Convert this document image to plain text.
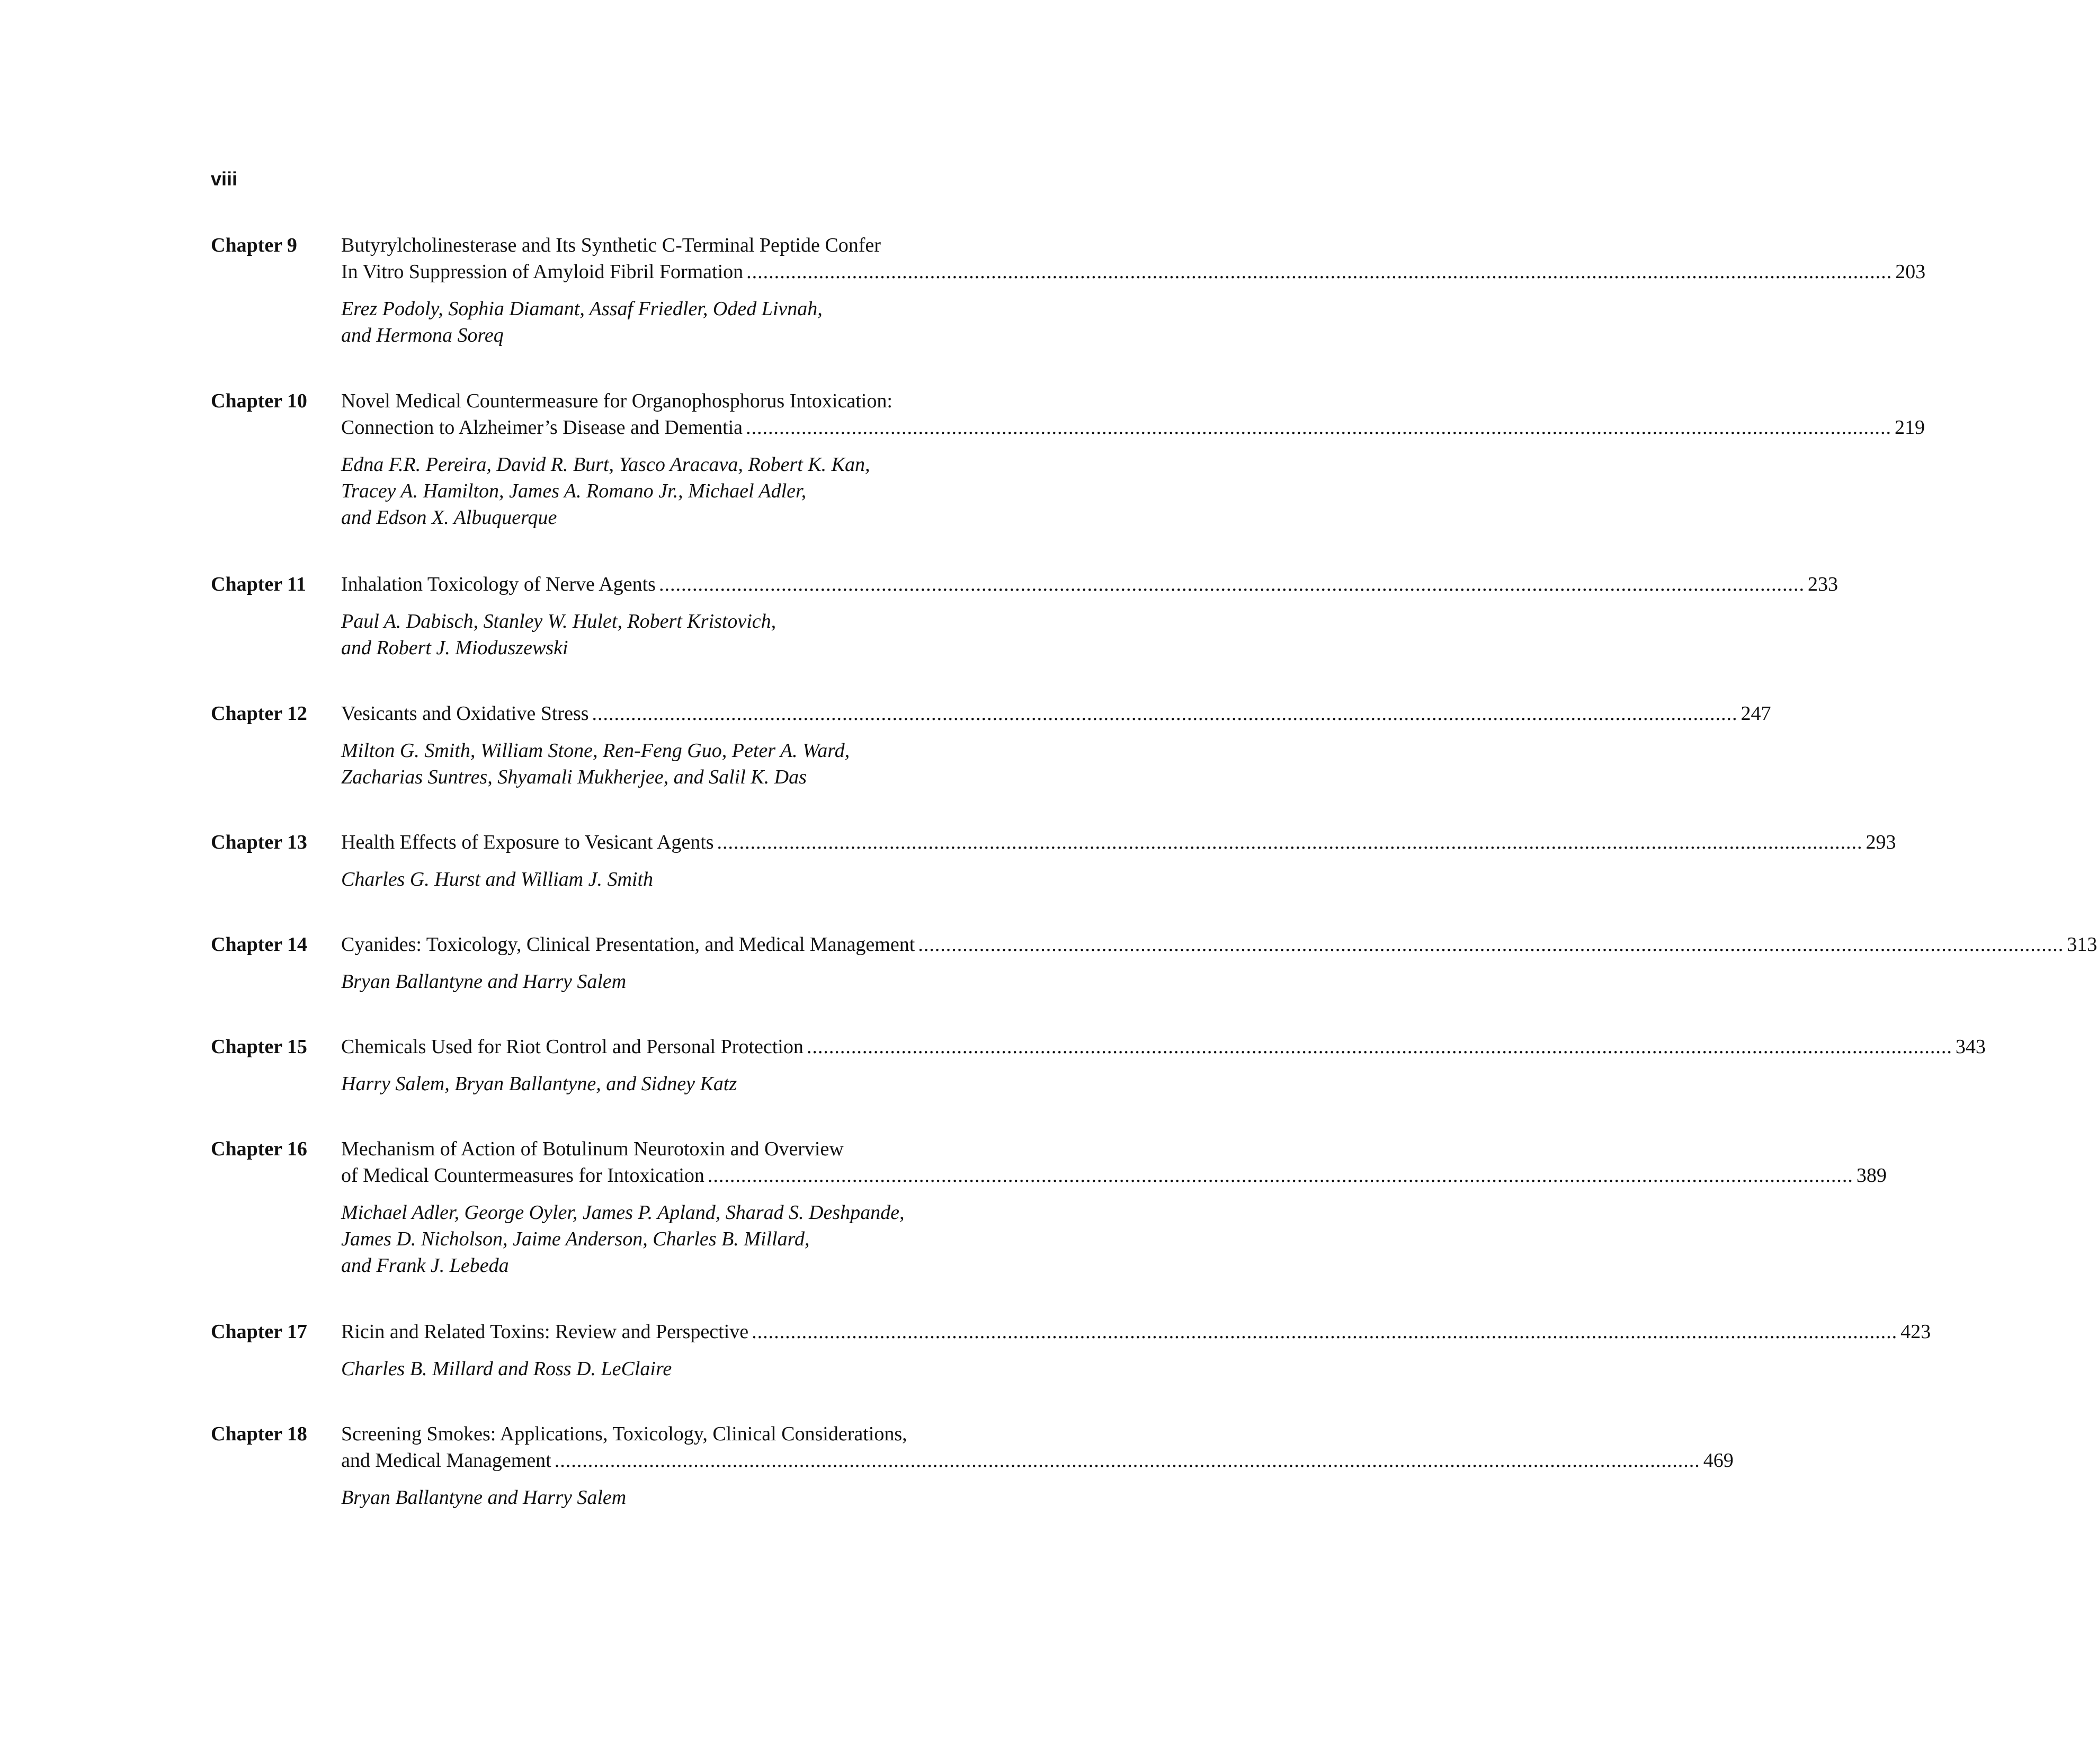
viii
Chapter 9 Butyrylcholinesterase and Its Synthetic C-Terminal Peptide Confer
In Vitro Suppression of Amyloid Fibril Formation .............................................................................................................................................................................................................. 203
Erez Podoly, Sophia Diamant, Assaf Friedler, Oded Livnah,
and Hermona Soreq
Chapter 10 Novel Medical Countermeasure for Organophosphorus Intoxication:
Connection to Alzheimer’s Disease and Dementia .............................................................................................................................................................................................................. 219
Edna F.R. Pereira, David R. Burt, Yasco Aracava, Robert K. Kan,
Tracey A. Hamilton, James A. Romano Jr., Michael Adler,
and Edson X. Albuquerque
Chapter 11 Inhalation Toxicology of Nerve Agents .............................................................................................................................................................................................................. 233
Paul A. Dabisch, Stanley W. Hulet, Robert Kristovich,
and Robert J. Mioduszewski
Chapter 12 Vesicants and Oxidative Stress .............................................................................................................................................................................................................. 247
Milton G. Smith, William Stone, Ren-Feng Guo, Peter A. Ward,
Zacharias Suntres, Shyamali Mukherjee, and Salil K. Das
Chapter 13 Health Effects of Exposure to Vesicant Agents .............................................................................................................................................................................................................. 293
Charles G. Hurst and William J. Smith
Chapter 14 Cyanides: Toxicology, Clinical Presentation, and Medical Management .............................................................................................................................................................................................................. 313
Bryan Ballantyne and Harry Salem
Chapter 15 Chemicals Used for Riot Control and Personal Protection .............................................................................................................................................................................................................. 343
Harry Salem, Bryan Ballantyne, and Sidney Katz
Chapter 16 Mechanism of Action of Botulinum Neurotoxin and Overview
of Medical Countermeasures for Intoxication .............................................................................................................................................................................................................. 389
Michael Adler, George Oyler, James P. Apland, Sharad S. Deshpande,
James D. Nicholson, Jaime Anderson, Charles B. Millard,
and Frank J. Lebeda
Chapter 17 Ricin and Related Toxins: Review and Perspective .............................................................................................................................................................................................................. 423
Charles B. Millard and Ross D. LeClaire
Chapter 18 Screening Smokes: Applications, Toxicology, Clinical Considerations,
and Medical Management .............................................................................................................................................................................................................. 469
Bryan Ballantyne and Harry Salem
